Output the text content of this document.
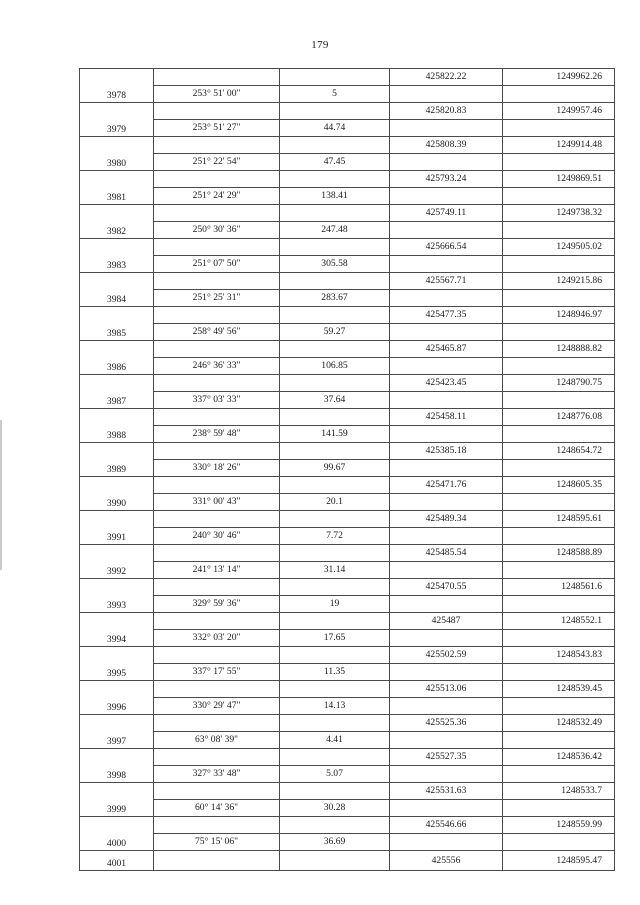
179
3978			425822.22	1249962.26
	253° 51' 00"	5		
3979			425820.83	1249957.46
	253° 51' 27"	44.74		
3980			425808.39	1249914.48
	251° 22' 54"	47.45		
3981			425793.24	1249869.51
	251° 24' 29"	138.41		
3982			425749.11	1249738.32
	250° 30' 36"	247.48		
3983			425666.54	1249505.02
	251° 07' 50"	305.58		
3984			425567.71	1249215.86
	251° 25' 31"	283.67		
3985			425477.35	1248946.97
	258° 49' 56"	59.27		
3986			425465.87	1248888.82
	246° 36' 33"	106.85		
3987			425423.45	1248790.75
	337° 03' 33"	37.64		
3988			425458.11	1248776.08
	238° 59' 48"	141.59		
3989			425385.18	1248654.72
	330° 18' 26"	99.67		
3990			425471.76	1248605.35
	331° 00' 43"	20.1		
3991			425489.34	1248595.61
	240° 30' 46"	7.72		
3992			425485.54	1248588.89
	241° 13' 14"	31.14		
3993			425470.55	1248561.6
	329° 59' 36"	19		
3994			425487	1248552.1
	332° 03' 20"	17.65		
3995			425502.59	1248543.83
	337° 17' 55"	11.35		
3996			425513.06	1248539.45
	330° 29' 47"	14.13		
3997			425525.36	1248532.49
	63° 08' 39"	4.41		
3998			425527.35	1248536.42
	327° 33' 48"	5.07		
3999			425531.63	1248533.7
	60° 14' 36"	30.28		
4000			425546.66	1248559.99
	75° 15' 06"	36.69		
4001			425556	1248595.47
